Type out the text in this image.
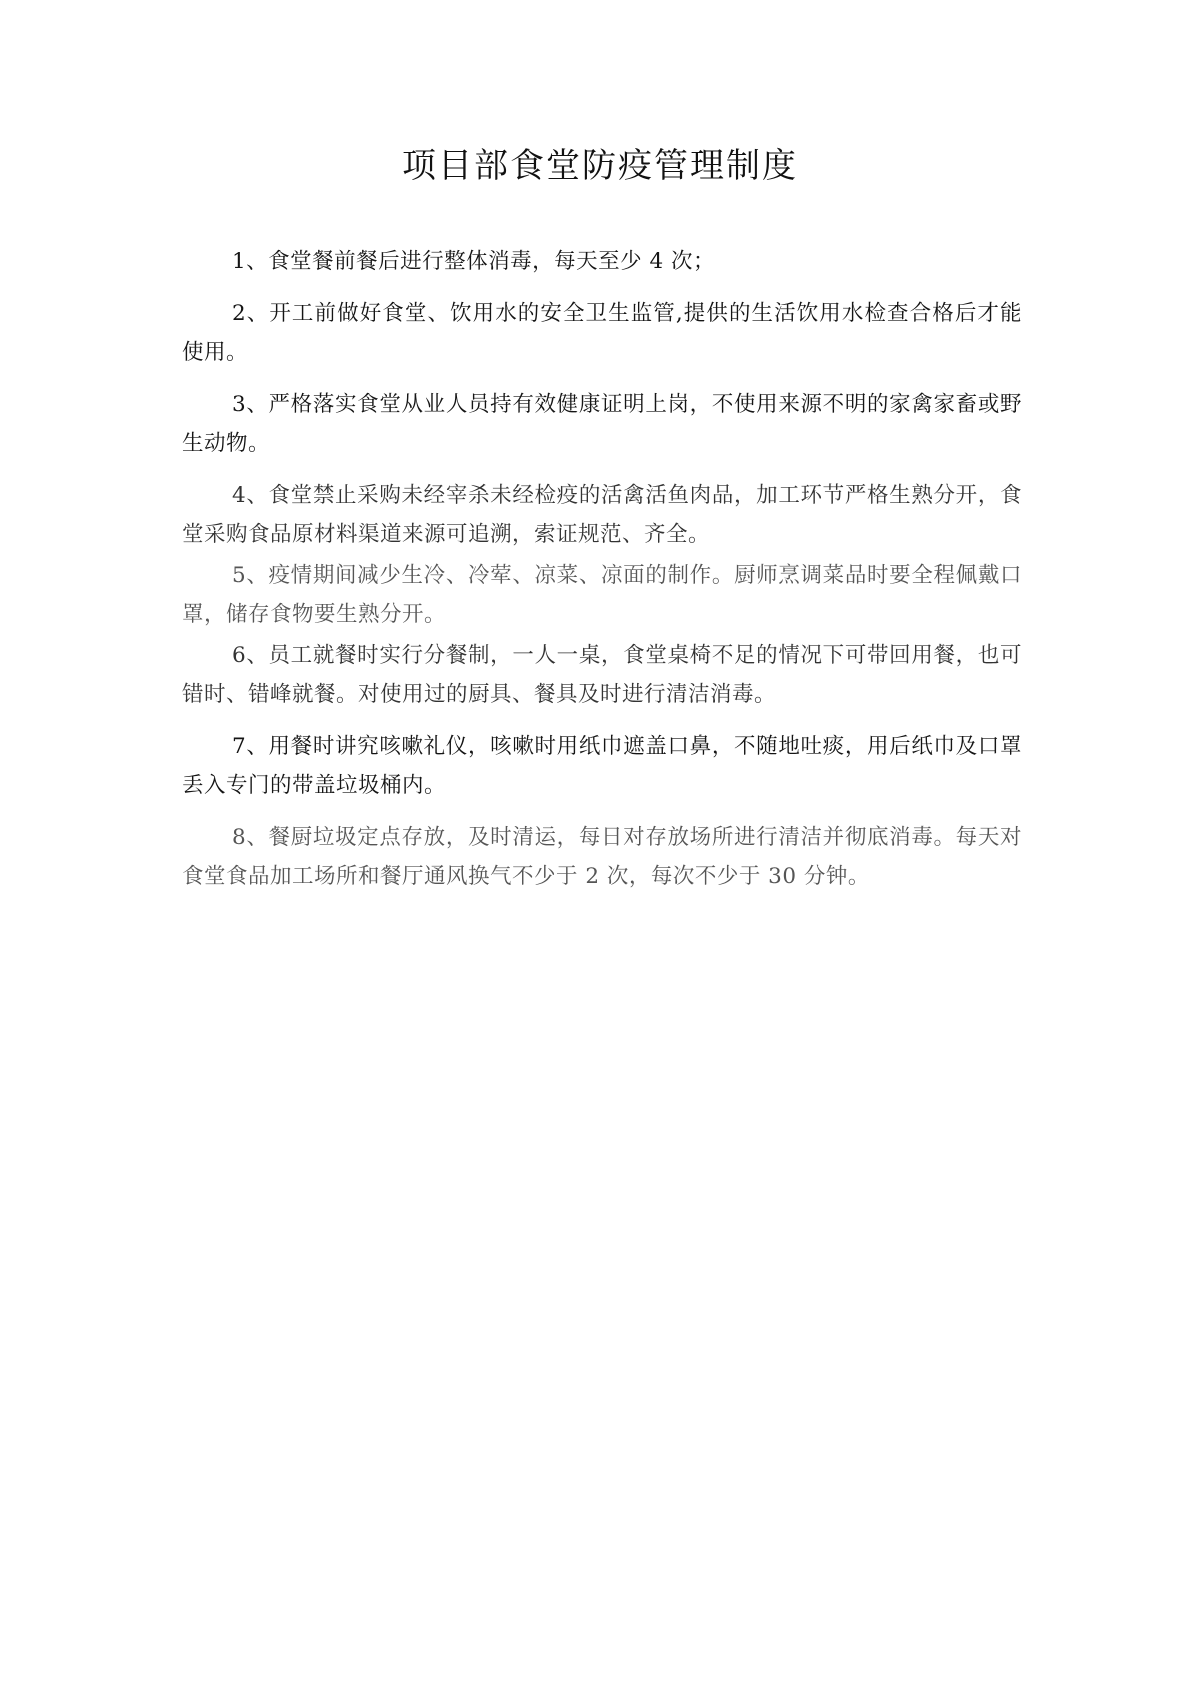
项目部食堂防疫管理制度

1、食堂餐前餐后进行整体消毒，每天至少 4 次；

2、开工前做好食堂、饮用水的安全卫生监管,提供的生活饮用水检查合格后才能使用。

3、严格落实食堂从业人员持有效健康证明上岗，不使用来源不明的家禽家畜或野生动物。

4、食堂禁止采购未经宰杀未经检疫的活禽活鱼肉品，加工环节严格生熟分开，食堂采购食品原材料渠道来源可追溯，索证规范、齐全。

5、疫情期间减少生冷、冷荤、凉菜、凉面的制作。厨师烹调菜品时要全程佩戴口罩，储存食物要生熟分开。

6、员工就餐时实行分餐制，一人一桌，食堂桌椅不足的情况下可带回用餐，也可错时、错峰就餐。对使用过的厨具、餐具及时进行清洁消毒。

7、用餐时讲究咳嗽礼仪，咳嗽时用纸巾遮盖口鼻，不随地吐痰，用后纸巾及口罩丢入专门的带盖垃圾桶内。

8、餐厨垃圾定点存放，及时清运，每日对存放场所进行清洁并彻底消毒。每天对食堂食品加工场所和餐厅通风换气不少于 2 次，每次不少于 30 分钟。
